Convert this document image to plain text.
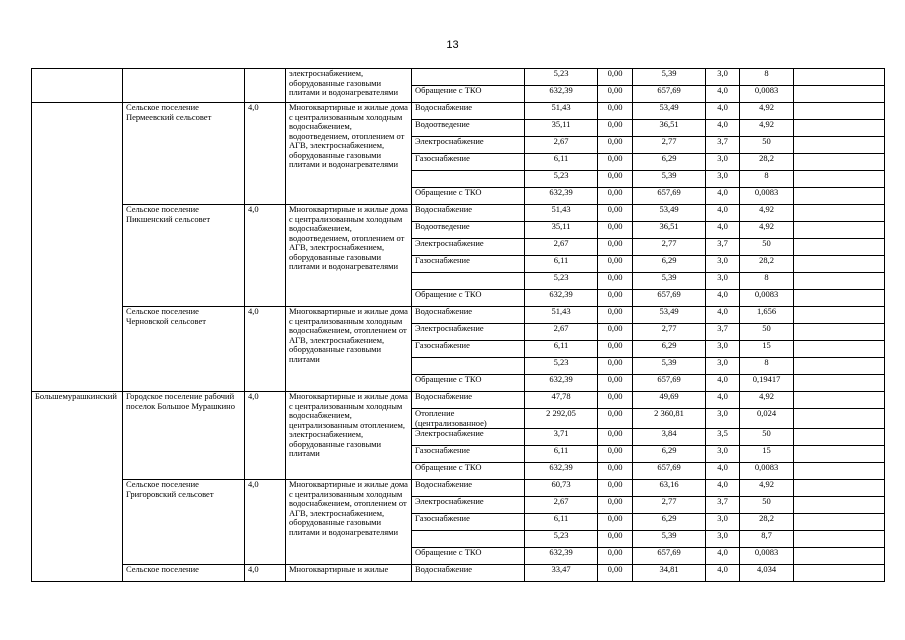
13
			электроснабжением, оборудованные газовыми плитами и водонагревателями		5,23	0,00	5,39	3,0	8	
				Обращение с ТКО	632,39	0,00	657,69	4,0	0,0083	
	Сельское поселение Пермеевский сельсовет	4,0	Многоквартирные и жилые дома с централизованным холодным водоснабжением, водоотведением, отоплением от АГВ, электроснабжением, оборудованные газовыми плитами и водонагревателями	Водоснабжение	51,43	0,00	53,49	4,0	4,92	
				Водоотведение	35,11	0,00	36,51	4,0	4,92	
				Электроснабжение	2,67	0,00	2,77	3,7	50	
				Газоснабжение	6,11	0,00	6,29	3,0	28,2	
					5,23	0,00	5,39	3,0	8	
				Обращение с ТКО	632,39	0,00	657,69	4,0	0,0083	
	Сельское поселение Пикшенский сельсовет	4,0	Многоквартирные и жилые дома с централизованным холодным водоснабжением, водоотведением, отоплением от АГВ, электроснабжением, оборудованные газовыми плитами и водонагревателями	Водоснабжение	51,43	0,00	53,49	4,0	4,92	
				Водоотведение	35,11	0,00	36,51	4,0	4,92	
				Электроснабжение	2,67	0,00	2,77	3,7	50	
				Газоснабжение	6,11	0,00	6,29	3,0	28,2	
					5,23	0,00	5,39	3,0	8	
				Обращение с ТКО	632,39	0,00	657,69	4,0	0,0083	
	Сельское поселение Черновской сельсовет	4,0	Многоквартирные и жилые дома с централизованным холодным водоснабжением, отоплением от АГВ, электроснабжением, оборудованные газовыми плитами	Водоснабжение	51,43	0,00	53,49	4,0	1,656	
				Электроснабжение	2,67	0,00	2,77	3,7	50	
				Газоснабжение	6,11	0,00	6,29	3,0	15	
					5,23	0,00	5,39	3,0	8	
				Обращение с ТКО	632,39	0,00	657,69	4,0	0,19417	
Большемурашкинский	Городское поселение рабочий поселок Большое Мурашкино	4,0	Многоквартирные и жилые дома с централизованным холодным водоснабжением, централизованным отоплением, электроснабжением, оборудованные газовыми плитами	Водоснабжение	47,78	0,00	49,69	4,0	4,92	
				Отопление (централизованное)	2 292,05	0,00	2 360,81	3,0	0,024	
				Электроснабжение	3,71	0,00	3,84	3,5	50	
				Газоснабжение	6,11	0,00	6,29	3,0	15	
				Обращение с ТКО	632,39	0,00	657,69	4,0	0,0083	
	Сельское поселение Григоровский сельсовет	4,0	Многоквартирные и жилые дома с централизованным холодным водоснабжением, отоплением от АГВ, электроснабжением, оборудованные газовыми плитами и водонагревателями	Водоснабжение	60,73	0,00	63,16	4,0	4,92	
				Электроснабжение	2,67	0,00	2,77	3,7	50	
				Газоснабжение	6,11	0,00	6,29	3,0	28,2	
					5,23	0,00	5,39	3,0	8,7	
				Обращение с ТКО	632,39	0,00	657,69	4,0	0,0083	
	Сельское поселение	4,0	Многоквартирные и жилые	Водоснабжение	33,47	0,00	34,81	4,0	4,034	
